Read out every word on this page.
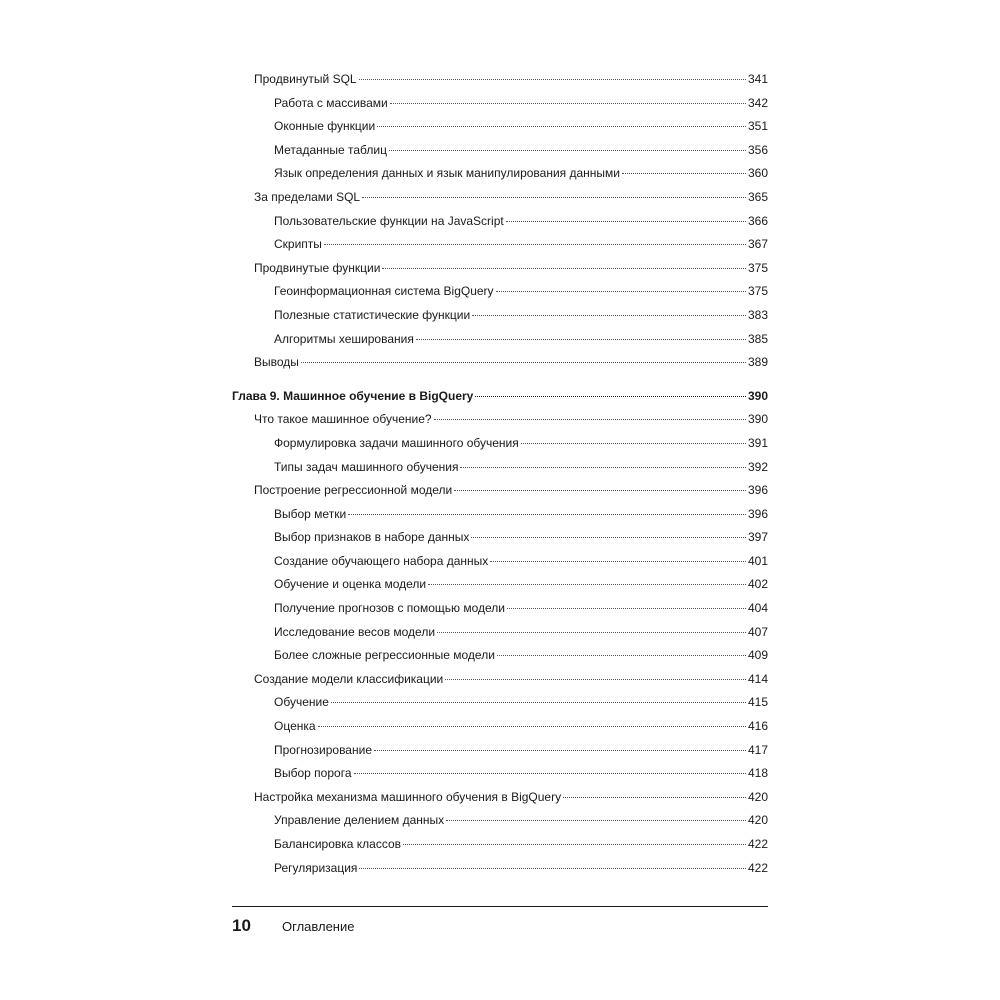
Продвинутый SQL	341
Работа с массивами	342
Оконные функции	351
Метаданные таблиц	356
Язык определения данных и язык манипулирования данными	360
За пределами SQL	365
Пользовательские функции на JavaScript	366
Скрипты	367
Продвинутые функции	375
Геоинформационная система BigQuery	375
Полезные статистические функции	383
Алгоритмы хеширования	385
Выводы	389
Глава 9. Машинное обучение в BigQuery	390
Что такое машинное обучение?	390
Формулировка задачи машинного обучения	391
Типы задач машинного обучения	392
Построение регрессионной модели	396
Выбор метки	396
Выбор признаков в наборе данных	397
Создание обучающего набора данных	401
Обучение и оценка модели	402
Получение прогнозов с помощью модели	404
Исследование весов модели	407
Более сложные регрессионные модели	409
Создание модели классификации	414
Обучение	415
Оценка	416
Прогнозирование	417
Выбор порога	418
Настройка механизма машинного обучения в BigQuery	420
Управление делением данных	420
Балансировка классов	422
Регуляризация	422
10	Оглавление
